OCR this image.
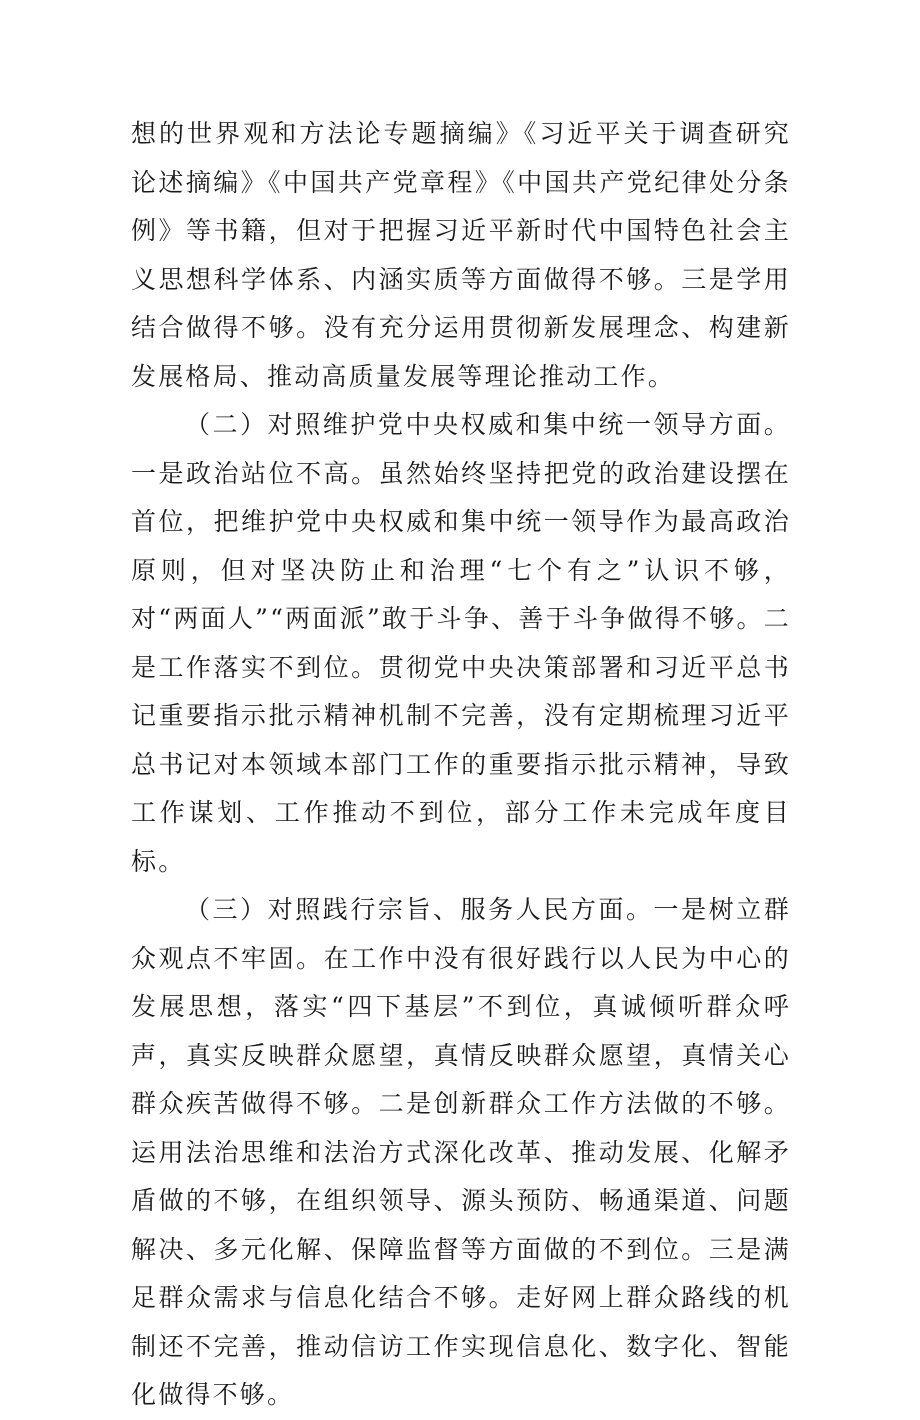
想的世界观和方法论专题摘编》《习近平关于调查研究论述摘编》《中国共产党章程》《中国共产党纪律处分条例》等书籍，但对于把握习近平新时代中国特色社会主义思想科学体系、内涵实质等方面做得不够。三是学用结合做得不够。没有充分运用贯彻新发展理念、构建新发展格局、推动高质量发展等理论推动工作。

（二）对照维护党中央权威和集中统一领导方面。一是政治站位不高。虽然始终坚持把党的政治建设摆在首位，把维护党中央权威和集中统一领导作为最高政治原则，但对坚决防止和治理“七个有之”认识不够，对“两面人”“两面派”敢于斗争、善于斗争做得不够。二是工作落实不到位。贯彻党中央决策部署和习近平总书记重要指示批示精神机制不完善，没有定期梳理习近平总书记对本领域本部门工作的重要指示批示精神，导致工作谋划、工作推动不到位，部分工作未完成年度目标。

（三）对照践行宗旨、服务人民方面。一是树立群众观点不牢固。在工作中没有很好践行以人民为中心的发展思想，落实“四下基层”不到位，真诚倾听群众呼声，真实反映群众愿望，真情反映群众愿望，真情关心群众疾苦做得不够。二是创新群众工作方法做的不够。运用法治思维和法治方式深化改革、推动发展、化解矛盾做的不够，在组织领导、源头预防、畅通渠道、问题解决、多元化解、保障监督等方面做的不到位。三是满足群众需求与信息化结合不够。走好网上群众路线的机制还不完善，推动信访工作实现信息化、数字化、智能化做得不够。
